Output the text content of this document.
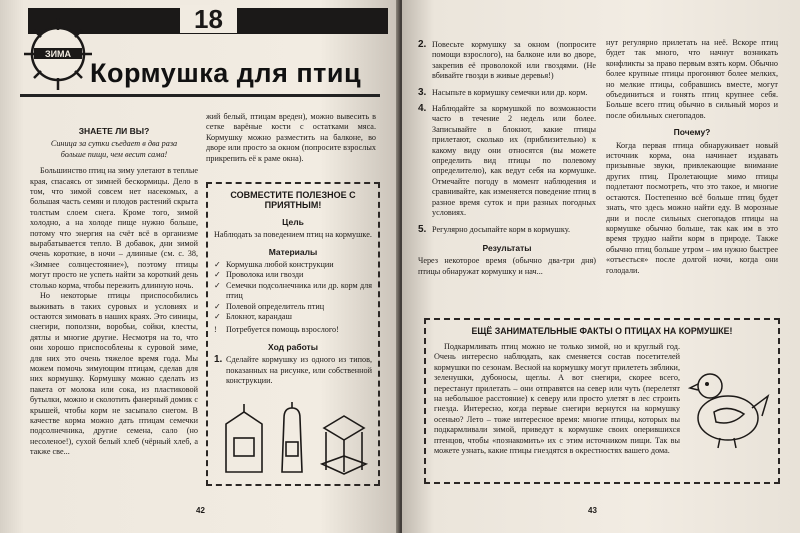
18
ЗИМА
Кормушка для птиц

ЗНАЕТЕ ЛИ ВЫ?

Синица за сутки съедает в два раза больше пищи, чем весит сама!

Большинство птиц на зиму улетают в теплые края, спасаясь от зимней бескормицы. Дело в том, что зимой совсем нет насекомых, а большая часть семян и плодов растений скрыта толстым слоем снега. Кроме того, зимой холодно, а на холоде пище нужно больше, потому что энергия на счёт всё в организме вырабатывается тепло. В добавок, дни зимой очень короткие, в ночи – длинные (см. с. 38, «Зимнее солнцестояние»), поэтому птицы могут просто не успеть найти за короткий день столько корма, чтобы пережить длинную ночь.

Но некоторые птицы приспособились выживать в таких суровых и условиях и остаются зимовать в наших краях. Это синицы, снегири, поползни, воробьи, сойки, клесты, дятлы и многие другие. Несмотря на то, что они хорошо приспособлены к суровой зиме, для них это очень тяжелое время года. Мы можем помочь зимующим птицам, сделав для них кормушку. Кормушку можно сделать из пакета от молока или сока, из пластиковой бутылки, можно и сколотить фанерный домик с крышей, чтобы корм не засыпало снегом. В качестве корма можно дать птицам семечки подсолнечника, другие семена, сало (но несоленое!), сухой белый хлеб (чёрный хлеб, а также све...

жий белый, птицам вреден), можно вывесить в сетке варёные кости с остатками мяса. Кормушку можно разместить на балконе, во дворе или просто за окном (попросите взрослых прикрепить её к раме окна).

СОВМЕСТИТЕ ПОЛЕЗНОЕ С ПРИЯТНЫМ!

Цель

Наблюдать за поведением птиц на кормушке.

Материалы

✓ Кормушка любой конструкции
✓ Проволока или гвозди
✓ Семечки подсолнечника или др. корм для птиц
✓ Полевой определитель птиц
✓ Блокнот, карандаш
! Потребуется помощь взрослого!

Ход работы

1. Сделайте кормушку из одного из типов, показанных на рисунке, или собственной конструкции.
42
2. Повесьте кормушку за окном (попросите помощи взрослого), на балконе или во дворе, закрепив её проволокой или гвоздями. (Не вбивайте гвозди в живые деревья!)
3. Насыпьте в кормушку семечки или др. корм.
4. Наблюдайте за кормушкой по возможности часто в течение 2 недель или более. Записывайте в блокнот, какие птицы прилетают, сколько их (приблизительно) к какому виду они относятся (вы можете определить вид птицы по полевому определителю), как ведут себя на кормушке. Отмечайте погоду в момент наблюдения и сравнивайте, как изменяется поведение птиц в разное время суток и при разных погодных условиях.
5. Регулярно досыпайте корм в кормушку.

Результаты

Через некоторое время (обычно два-три дня) птицы обнаружат кормушку и нач...

нут регулярно прилетать на неё. Вскоре птиц будет так много, что начнут возникать конфликты за право первым взять корм. Обычно более крупные птицы прогоняют более мелких, но мелкие птицы, собравшись вместе, могут объединиться и гонять птиц крупнее себя. Больше всего птиц обычно в сильный мороз и после обильных снегопадов.

Почему?

Когда первая птица обнаруживает новый источник корма, она начинает издавать призывные звуки, привлекающие внимание других птиц. Пролетающие мимо птицы подлетают посмотреть, что это такое, и многие остаются. Постепенно всё больше птиц будет знать, что здесь можно найти еду. В морозные дни и после сильных снегопадов птицы на кормушке обычно больше, так как им в это время трудно найти корм в природе. Также обычно птиц больше утром – им нужно быстрее «отъесться» после долгой ночи, когда они голодали.

ЕЩЁ ЗАНИМАТЕЛЬНЫЕ ФАКТЫ О ПТИЦАХ НА КОРМУШКЕ!

Подкармливать птиц можно не только зимой, но и круглый год. Очень интересно наблюдать, как сменяется состав посетителей кормушки по сезонам. Весной на кормушку могут прилететь зяблики, зеленушки, дубоносы, щеглы. А вот снегири, скорее всего, перестанут прилетать – они отправятся на север или чуть (перелетят на небольшое расстояние) к северу или просто улетят в лес строить гнезда. Интересно, когда первые снегири вернутся на кормушку осенью? Лето – тоже интересное время: многие птицы, которых вы подкармливали зимой, приведут к кормушке своих оперившихся птенцов, чтобы «познакомить» их с этим источником пищи. Так вы можете узнать, какие птицы гнездятся в окрестностях вашего дома.

43
